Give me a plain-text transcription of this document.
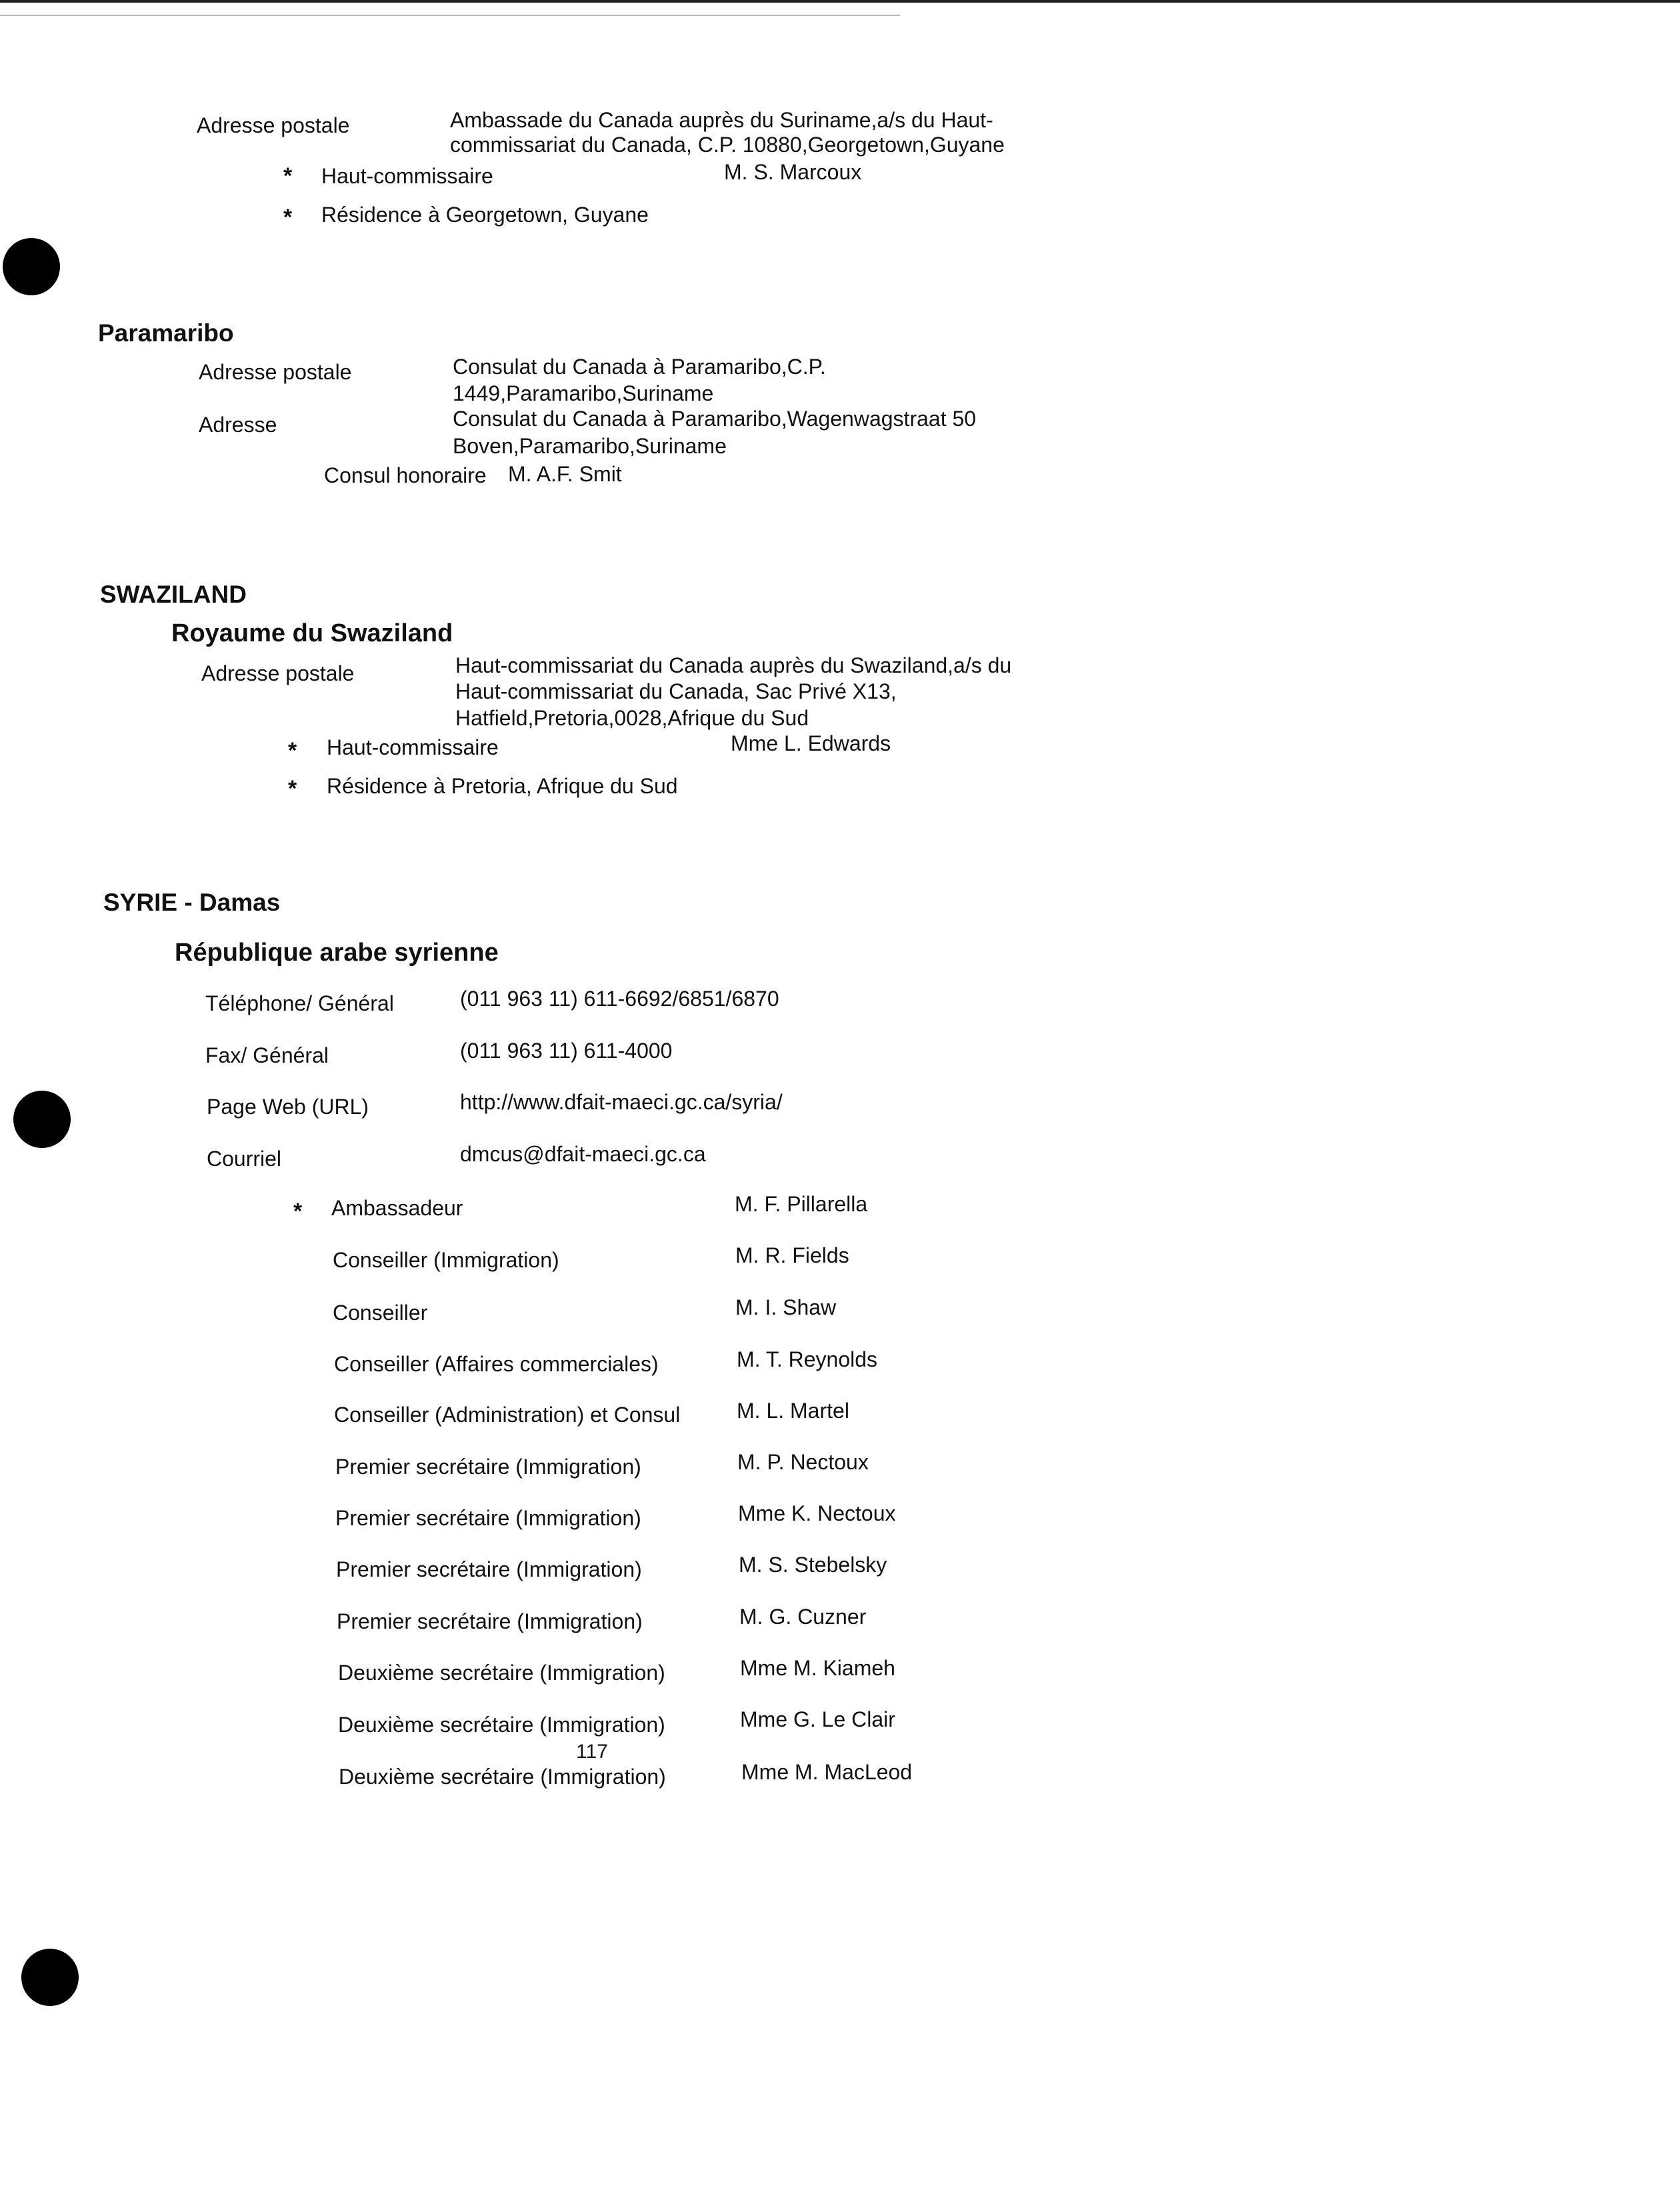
Adresse postale	Ambassade du Canada auprès du Suriname,a/s du Haut-
commissariat du Canada, C.P. 10880,Georgetown,Guyane
* Haut-commissaire	M. S. Marcoux
* Résidence à Georgetown, Guyane
Paramaribo
Adresse postale	Consulat du Canada à Paramaribo,C.P.
1449,Paramaribo,Suriname
Adresse	Consulat du Canada à Paramaribo,Wagenwagstraat 50
Boven,Paramaribo,Suriname
Consul honoraire M. A.F. Smit
SWAZILAND
Royaume du Swaziland
Adresse postale	Haut-commissariat du Canada auprès du Swaziland,a/s du
Haut-commissariat du Canada, Sac Privé X13,
Hatfield,Pretoria,0028,Afrique du Sud
* Haut-commissaire	Mme L. Edwards
* Résidence à Pretoria, Afrique du Sud
SYRIE - Damas
République arabe syrienne
Téléphone/ Général	(011 963 11) 611-6692/6851/6870
Fax/ Général	(011 963 11) 611-4000
Page Web (URL)	http://www.dfait-maeci.gc.ca/syria/
Courriel	dmcus@dfait-maeci.gc.ca
* Ambassadeur	M. F. Pillarella
Conseiller (Immigration)	M. R. Fields
Conseiller	M. I. Shaw
Conseiller (Affaires commerciales)	M. T. Reynolds
Conseiller (Administration) et Consul	M. L. Martel
Premier secrétaire (Immigration)	M. P. Nectoux
Premier secrétaire (Immigration)	Mme K. Nectoux
Premier secrétaire (Immigration)	M. S. Stebelsky
Premier secrétaire (Immigration)	M. G. Cuzner
Deuxième secrétaire (Immigration)	Mme M. Kiameh
Deuxième secrétaire (Immigration)	Mme G. Le Clair
Deuxième secrétaire (Immigration)	Mme M. MacLeod
117
